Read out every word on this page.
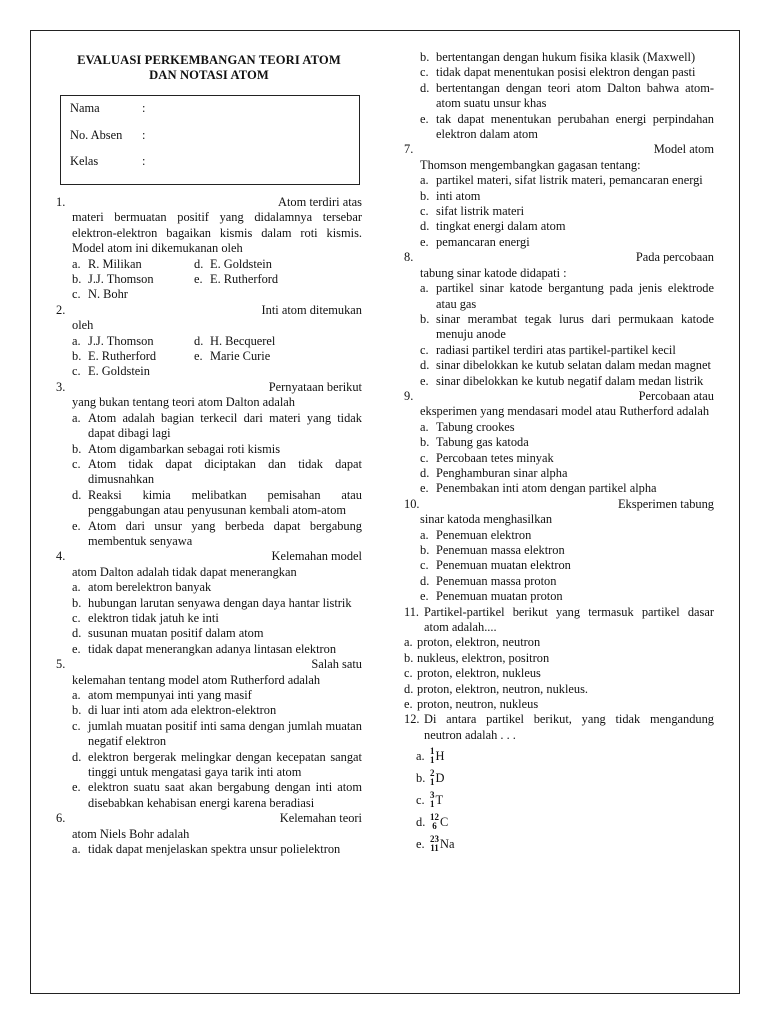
EVALUASI PERKEMBANGAN TEORI ATOM
DAN NOTASI ATOM
Nama	:
No. Absen	:
Kelas	:
1.	Atom terdiri atas
materi bermuatan positif yang didalamnya tersebar elektron-elektron bagaikan kismis dalam roti kismis. Model atom ini dikemukanan oleh
a. R. Milikan	d. E. Goldstein
b. J.J. Thomson	e. E. Rutherford
c. N. Bohr
2.	Inti atom ditemukan
oleh
a. J.J. Thomson	d. H. Becquerel
b. E. Rutherford	e. Marie Curie
c. E. Goldstein
3.	Pernyataan berikut
yang bukan tentang teori atom Dalton adalah
a. Atom adalah bagian terkecil dari materi yang tidak dapat dibagi lagi
b. Atom digambarkan sebagai roti kismis
c. Atom tidak dapat diciptakan dan tidak dapat dimusnahkan
d. Reaksi kimia melibatkan pemisahan atau penggabungan atau penyusunan kembali atom-atom
e. Atom dari unsur yang berbeda dapat bergabung membentuk senyawa
4.	Kelemahan model
atom Dalton adalah tidak dapat menerangkan
a. atom berelektron banyak
b. hubungan larutan senyawa dengan daya hantar listrik
c. elektron tidak jatuh ke inti
d. susunan muatan positif dalam atom
e. tidak dapat menerangkan adanya lintasan elektron
5.	Salah satu
kelemahan tentang model atom Rutherford adalah
a. atom mempunyai inti yang masif
b. di luar inti atom ada elektron-elektron
c. jumlah muatan positif inti sama dengan jumlah muatan negatif elektron
d. elektron bergerak melingkar dengan kecepatan sangat tinggi untuk mengatasi gaya tarik inti atom
e. elektron suatu saat akan bergabung dengan inti atom disebabkan kehabisan energi karena beradiasi
6.	Kelemahan teori
atom Niels Bohr adalah
a. tidak dapat menjelaskan spektra unsur polielektron
b. bertentangan dengan hukum fisika klasik (Maxwell)
c. tidak dapat menentukan posisi elektron dengan pasti
d. bertentangan dengan teori atom Dalton bahwa atom-atom suatu unsur khas
e. tak dapat menentukan perubahan energi perpindahan elektron dalam atom
7.	Model atom
Thomson mengembangkan gagasan tentang:
a. partikel materi, sifat listrik materi, pemancaran energi
b. inti atom
c. sifat listrik materi
d. tingkat energi dalam atom
e. pemancaran energi
8.	Pada percobaan
tabung sinar katode didapati :
a. partikel sinar katode bergantung pada jenis elektrode atau gas
b. sinar merambat tegak lurus dari permukaan katode menuju anode
c. radiasi partikel terdiri atas partikel-partikel kecil
d. sinar dibelokkan ke kutub selatan dalam medan magnet
e. sinar dibelokkan ke kutub negatif dalam medan listrik
9.	Percobaan atau
eksperimen yang mendasari model atau Rutherford adalah
a. Tabung crookes
b. Tabung gas katoda
c. Percobaan tetes minyak
d. Penghamburan sinar alpha
e. Penembakan inti atom dengan partikel alpha
10.	Eksperimen tabung
sinar katoda menghasilkan
a. Penemuan elektron
b. Penemuan massa elektron
c. Penemuan muatan elektron
d. Penemuan massa proton
e. Penemuan muatan proton
11. Partikel-partikel berikut yang termasuk partikel dasar atom adalah....
a. proton, elektron, neutron
b. nukleus, elektron, positron
c. proton, elektron, nukleus
d. proton, elektron, neutron, nukleus.
e. proton, neutron, nukleus
12. Di antara partikel berikut, yang tidak mengandung neutron adalah . . .
a. 1
1 H
b. 2
1 D
c. 3
1 T
d. 12
6 C
e. 23
11 Na
